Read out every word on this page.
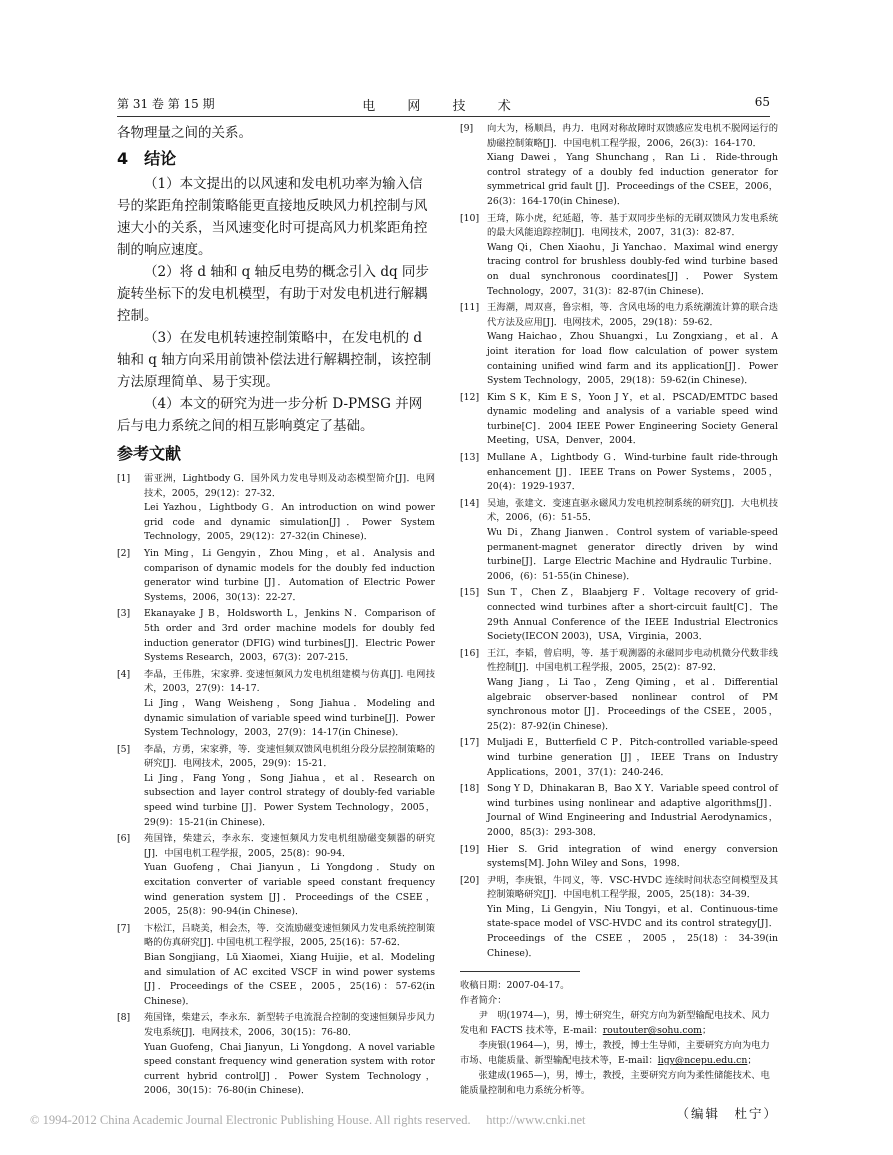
第 31 卷 第 15 期	电 网 技 术	65

各物理量之间的关系。

4　结论

（1）本文提出的以风速和发电机功率为输入信号的桨距角控制策略能更直接地反映风力机控制与风速大小的关系，当风速变化时可提高风力机桨距角控制的响应速度。

（2）将 d 轴和 q 轴反电势的概念引入 dq 同步旋转坐标下的发电机模型，有助于对发电机进行解耦控制。

（3）在发电机转速控制策略中，在发电机的 d 轴和 q 轴方向采用前馈补偿法进行解耦控制，该控制方法原理简单、易于实现。

（4）本文的研究为进一步分析 D-PMSG 并网后与电力系统之间的相互影响奠定了基础。

参考文献
[1] 雷亚洲，Lightbody G．国外风力发电导则及动态模型简介[J]．电网技术，2005，29(12)：27-32．
Lei Yazhou，Lightbody G．An introduction on wind power grid code and dynamic simulation[J]．Power System Technology，2005，29(12)：27-32(in Chinese)．
[2] Yin Ming，Li Gengyin，Zhou Ming，et al．Analysis and comparison of dynamic models for the doubly fed induction generator wind turbine [J]．Automation of Electric Power Systems，2006，30(13)：22-27．
[3] Ekanayake J B，Holdsworth L，Jenkins N．Comparison of 5th order and 3rd order machine models for doubly fed induction generator (DFIG) wind turbines[J]．Electric Power Systems Research，2003，67(3)：207-215．
[4] 李晶，王伟胜，宋家骅. 变速恒频风力发电机组建模与仿真[J]. 电网技术，2003，27(9)：14-17.
Li Jing，Wang Weisheng，Song Jiahua．Modeling and dynamic simulation of variable speed wind turbine[J]．Power System Technology，2003，27(9)：14-17(in Chinese)．
[5] 李晶，方勇，宋家骅，等．变速恒频双馈风电机组分段分层控制策略的研究[J]．电网技术，2005，29(9)：15-21．
Li Jing，Fang Yong，Song Jiahua，et al．Research on subsection and layer control strategy of doubly-fed variable speed wind turbine [J]．Power System Technology，2005，29(9)：15-21(in Chinese)．
[6] 苑国锋，柴建云，李永东．变速恒频风力发电机组励磁变频器的研究[J]．中国电机工程学报，2005，25(8)：90-94．
Yuan Guofeng，Chai Jianyun，Li Yongdong．Study on excitation converter of variable speed constant frequency wind generation system [J]．Proceedings of the CSEE，2005，25(8)：90-94(in Chinese)．
[7] 卞松江，吕晓美，相会杰，等．交流励磁变速恒频风力发电系统控制策略的仿真研究[J]. 中国电机工程学报，2005, 25(16)：57-62．
Bian Songjiang，Lü Xiaomei，Xiang Huijie，et al．Modeling and simulation of AC excited VSCF in wind power systems [J]．Proceedings of the CSEE，2005，25(16)：57-62(in Chinese)．
[8] 苑国锋，柴建云，李永东．新型转子电流混合控制的变速恒频异步风力发电系统[J]．电网技术，2006，30(15)：76-80．
Yuan Guofeng，Chai Jianyun，Li Yongdong．A novel variable speed constant frequency wind generation system with rotor current hybrid control[J]．Power System Technology，2006，30(15)：76-80(in Chinese)．
[9] 向大为，杨顺昌，冉力．电网对称故障时双馈感应发电机不脱网运行的励磁控制策略[J]．中国电机工程学报，2006，26(3)：164-170．
Xiang Dawei，Yang Shunchang，Ran Li．Ride-through control strategy of a doubly fed induction generator for symmetrical grid fault [J]．Proceedings of the CSEE，2006，26(3)：164-170(in Chinese)．
[10] 王琦，陈小虎，纪延超，等．基于双同步坐标的无刷双馈风力发电系统的最大风能追踪控制[J]．电网技术，2007，31(3)：82-87．
Wang Qi，Chen Xiaohu，Ji Yanchao．Maximal wind energy tracing control for brushless doubly-fed wind turbine based on dual synchronous coordinates[J]．Power System Technology，2007，31(3)：82-87(in Chinese)．
[11] 王海潮，周双喜，鲁宗相，等．含风电场的电力系统潮流计算的联合迭代方法及应用[J]．电网技术，2005，29(18)：59-62．
Wang Haichao，Zhou Shuangxi，Lu Zongxiang，et al．A joint iteration for load flow calculation of power system containing unified wind farm and its application[J]．Power System Technology，2005，29(18)：59-62(in Chinese)．
[12] Kim S K，Kim E S，Yoon J Y，et al．PSCAD/EMTDC based dynamic modeling and analysis of a variable speed wind turbine[C]．2004 IEEE Power Engineering Society General Meeting，USA，Denver，2004．
[13] Mullane A，Lightbody G．Wind-turbine fault ride-through enhancement [J]．IEEE Trans on Power Systems，2005，20(4)：1929-1937．
[14] 吴迪，张建文．变速直驱永磁风力发电机控制系统的研究[J]．大电机技术，2006，(6)：51-55．
Wu Di，Zhang Jianwen．Control system of variable-speed permanent-magnet generator directly driven by wind turbine[J]．Large Electric Machine and Hydraulic Turbine．2006，(6)：51-55(in Chinese)．
[15] Sun T，Chen Z，Blaabjerg F．Voltage recovery of grid-connected wind turbines after a short-circuit fault[C]．The 29th Annual Conference of the IEEE Industrial Electronics Society(IECON 2003)，USA，Virginia，2003．
[16] 王江，李韬，曾启明，等．基于观测器的永磁同步电动机微分代数非线性控制[J]．中国电机工程学报，2005，25(2)：87-92．
Wang Jiang，Li Tao，Zeng Qiming，et al．Differential algebraic observer-based nonlinear control of PM synchronous motor [J]．Proceedings of the CSEE，2005，25(2)：87-92(in Chinese)．
[17] Muljadi E，Butterfield C P．Pitch-controlled variable-speed wind turbine generation [J]，IEEE Trans on Industry Applications，2001，37(1)：240-246．
[18] Song Y D，Dhinakaran B，Bao X Y．Variable speed control of wind turbines using nonlinear and adaptive algorithms[J]．Journal of Wind Engineering and Industrial Aerodynamics，2000，85(3)：293-308．
[19] Hier S. Grid integration of wind energy conversion systems[M]. John Wiley and Sons，1998．
[20] 尹明，李庚银，牛同义，等．VSC-HVDC 连续时间状态空间模型及其控制策略研究[J]．中国电机工程学报，2005，25(18)：34-39．
Yin Ming，Li Gengyin，Niu Tongyi，et al．Continuous-time state-space model of VSC-HVDC and its control strategy[J]．Proceedings of the CSEE，2005，25(18)：34-39(in Chinese)．
收稿日期：2007-04-17。
作者简介：
尹　明(1974—)，男，博士研究生，研究方向为新型输配电技术、风力发电和 FACTS 技术等，E-mail：routouter@sohu.com；
李庚银(1964—)，男，博士，教授，博士生导师，主要研究方向为电力市场、电能质量、新型输配电技术等，E-mail：ligy@ncepu.edu.cn；
张建成(1965—)，男，博士，教授，主要研究方向为柔性储能技术、电能质量控制和电力系统分析等。
（编辑　杜宁）
© 1994-2012 China Academic Journal Electronic Publishing House. All rights reserved.　 http://www.cnki.net
